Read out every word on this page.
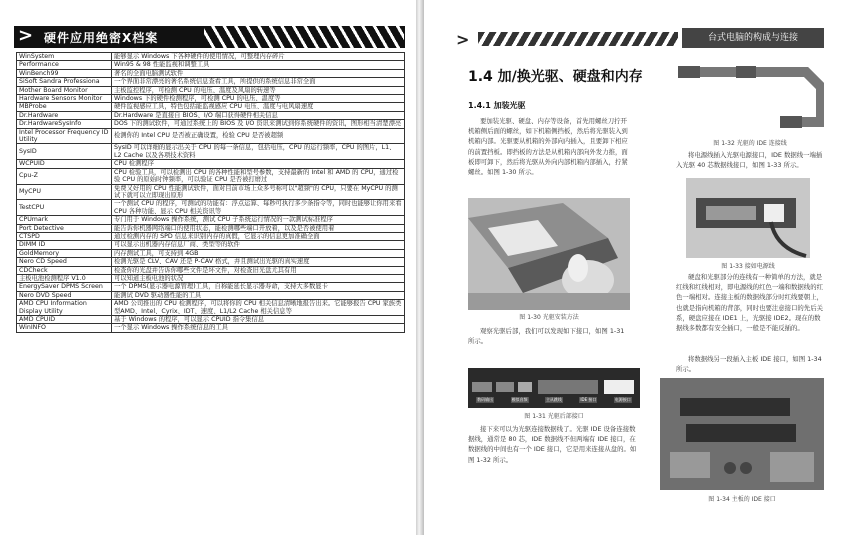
> 硬件应用绝密X档案
WinSystem	能够显示 Windows 下各种硬件的使用情况，可整理内存碎片
Performance	Win95 & 98 性能监视和调整工具
WinBench99	著名的全面电脑测试软件
SiSoft Sandra Professiona	一个界面非常漂亮的著名系统信息查看工具，所提供的系统信息非常全面
Mother Board Monitor	主板监控程序，可检测 CPU 的电压、温度及风扇的转速等
Hardware Sensors Monitor	Windows 下的硬件检测程序，可检测 CPU 的电压、温度等
MBProbe	硬件监视感应工具，特色包括能监视感应 CPU 电压、温度与电风扇速度
Dr.Hardware	Dr.Hardware 是直接自 BIOS、I/O 端口获得硬件相关信息
Dr.HardwareSysInfo	DOS 下的测试软件，可通过系统上的 BIOS 及 I/O 资讯来测试到你系统硬件的资讯，图形相当清楚漂亮
Intel Processor Frequency ID Utility	检测你的 Intel CPU 是否被正确设置，检验 CPU 是否被超频
SysID	SysID 可以详细的显示出关于 CPU 的每一条信息，包括电压，CPU 的运行频率，CPU 的图片，L1、L2 Cache 以及各项技术资料
WCPUID	CPU 检测程序
Cpu-Z	CPU 检验工具，可以检测出 CPU 的各种性能和型号参数，支持最新的 Intel 和 AMD 的 CPU，通过检验 CPU 的原始时钟频率，可以验证 CPU 是否被打磨过
MyCPU	免费又好用的 CPU 性能测试软件，面对目前市场上众多号称可以"超频"的 CPU，只要在 MyCPU 的测试下就可以立即现出原形
TestCPU	一个测试 CPU 的程序，可测试的功能有：浮点运算、每秒可执行多少条指令等，同时也能够让你用来看 CPU 各种功能、显示 CPU 相关资讯等
CPUmark	专门用于 Windows 操作系统，测试 CPU 子系统运行情况的一款测试标准程序
Port Detective	能告诉你机器网络端口的使用状态，能检测哪些端口开放着，以及是否被使用着
CTSPD	通过检测内存的 SPD 信息来识别内存的真假，它显示的信息更加准确全面
DIMM ID	可以显示出机器内存信息厂商、类型等的软件
GoldMemory	内存测试工具，可支持到 4GB
Nero CD Speed	检测光驱是 CLV、CAV 还是 P-CAV 格式，并且测试出光驱的真实速度
CDCheck	检查你的光盘并告诉你哪些文件是坏文件，对检查旧光盘尤其有用
主板电池检测程序 V1.0	可以知道主板电池的状况
EnergySaver DPMS Screen	一个 DPMS(显示器电源管理)工具，自称能延长显示器寿命，支持大多数显卡
Nero DVD Speed	能测试 DVD 驱动器性能的工具
AMD CPU Information Display Utility	AMD 公司推出的 CPU 检测程序，可以将你的 CPU 相关信息清晰地报告出来。它能够报告 CPU 家族类型AMD、Intel、Cyrix、IDT、速度、L1/L2 Cache 相关信息等
AMD CPUID	基于 Windows 的程序，可以显示 CPUID 指令集信息
WinINFO	一个显示 Windows 操作系统信息的工具
>	台式电脑的构成与连接
1.4 加/换光驱、硬盘和内存
1.4.1 加装光驱
要加装光驱、硬盘、内存等设备，首先用螺丝刀拧开机箱侧后面的螺丝，如下机箱侧挡板，然后将光驱装入到机箱内部。光驱要从机箱的外部向内插入，且要卸下相应的前置挡板。即挡板的方法是从机箱内部向外发力推，面板即可卸下，然后将光驱从外向内部机箱内部插入，拧紧螺丝。如图 1-30 所示。
图 1-30 光驱安装方法
观察光驱后部，我们可以发现如下接口，如图 1-31 所示。
数码输出	模拟音频	主从跳线	IDE 接口	电源接口
图 1-31 光驱后部接口
接下来可以为光驱连接数据线了。光驱 IDE 设备连接数据线，通常是 80 芯，IDE 数据线不但两端有 IDE 接口，在数据线的中间也有一个 IDE 接口，它是用来连接从盘的。如图 1-32 所示。
图 1-32 光驱的 IDE 连接线
将电源线插入光驱电源接口，IDE 数据线一端插入光驱 40 芯数据线接口，如图 1-33 所示。
图 1-33 接如电源线
硬盘和光驱部分的连线有一种简单的方法，就是红线和红线相对，即电源线的红色一端和数据线的红色一端相对。连接主板的数据线部分时红线要朝上，也就是指向机箱的背部，同时也要注意接口的先后关系，硬盘应接在 IDE1 上，光驱接 IDE2。现在的数据线多数都有安全插口，一般是不能反插的。
将数据线另一段插入主板 IDE 接口，如图 1-34 所示。
图 1-34 主板的 IDE 接口
